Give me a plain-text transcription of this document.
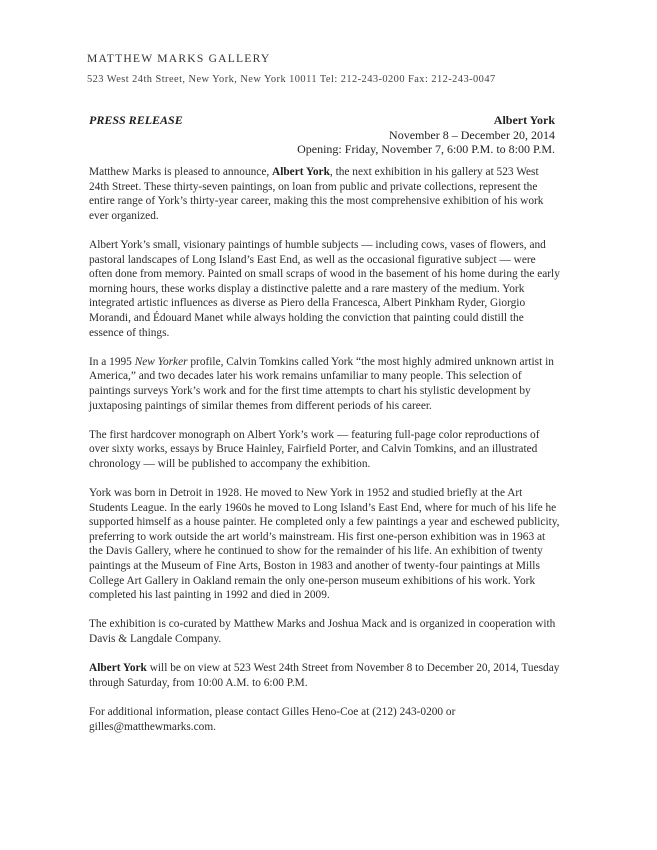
MATTHEW MARKS GALLERY
523 West 24th Street, New York, New York 10011 Tel: 212-243-0200 Fax: 212-243-0047
PRESS RELEASE	Albert York
November 8 – December 20, 2014
Opening: Friday, November 7, 6:00 P.M. to 8:00 P.M.

Matthew Marks is pleased to announce, Albert York, the next exhibition in his gallery at 523 West 24th Street. These thirty-seven paintings, on loan from public and private collections, represent the entire range of York’s thirty-year career, making this the most comprehensive exhibition of his work ever organized.

Albert York’s small, visionary paintings of humble subjects — including cows, vases of flowers, and pastoral landscapes of Long Island’s East End, as well as the occasional figurative subject — were often done from memory. Painted on small scraps of wood in the basement of his home during the early morning hours, these works display a distinctive palette and a rare mastery of the medium. York integrated artistic influences as diverse as Piero della Francesca, Albert Pinkham Ryder, Giorgio Morandi, and Édouard Manet while always holding the conviction that painting could distill the essence of things.

In a 1995 New Yorker profile, Calvin Tomkins called York “the most highly admired unknown artist in America,” and two decades later his work remains unfamiliar to many people. This selection of paintings surveys York’s work and for the first time attempts to chart his stylistic development by juxtaposing paintings of similar themes from different periods of his career.

The first hardcover monograph on Albert York’s work — featuring full-page color reproductions of over sixty works, essays by Bruce Hainley, Fairfield Porter, and Calvin Tomkins, and an illustrated chronology — will be published to accompany the exhibition.

York was born in Detroit in 1928. He moved to New York in 1952 and studied briefly at the Art Students League. In the early 1960s he moved to Long Island’s East End, where for much of his life he supported himself as a house painter. He completed only a few paintings a year and eschewed publicity, preferring to work outside the art world’s mainstream. His first one-person exhibition was in 1963 at the Davis Gallery, where he continued to show for the remainder of his life. An exhibition of twenty paintings at the Museum of Fine Arts, Boston in 1983 and another of twenty-four paintings at Mills College Art Gallery in Oakland remain the only one-person museum exhibitions of his work. York completed his last painting in 1992 and died in 2009.

The exhibition is co-curated by Matthew Marks and Joshua Mack and is organized in cooperation with Davis & Langdale Company.

Albert York will be on view at 523 West 24th Street from November 8 to December 20, 2014, Tuesday through Saturday, from 10:00 A.M. to 6:00 P.M.

For additional information, please contact Gilles Heno-Coe at (212) 243-0200 or gilles@matthewmarks.com.
